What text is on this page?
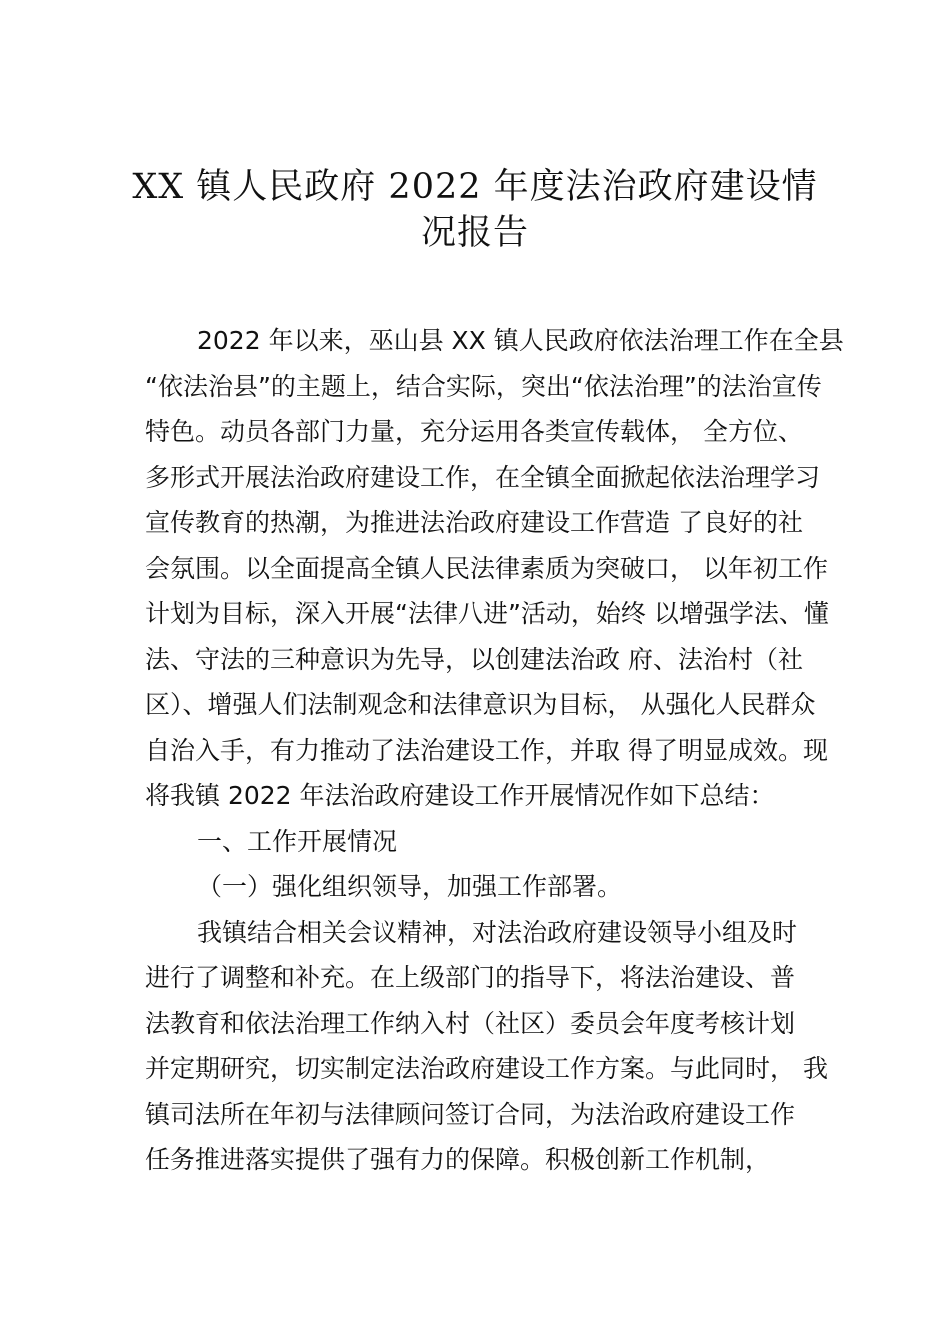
XX 镇人民政府 2022 年度法治政府建设情
况报告
2022 年以来，巫山县 XX 镇人民政府依法治理工作在全县
“依法治县”的主题上，结合实际，突出“依法治理”的法治宣传
特色。动员各部门力量，充分运用各类宣传载体， 全方位、
多形式开展法治政府建设工作，在全镇全面掀起依法治理学习
宣传教育的热潮，为推进法治政府建设工作营造 了良好的社
会氛围。以全面提高全镇人民法律素质为突破口， 以年初工作
计划为目标，深入开展“法律八进”活动，始终 以增强学法、懂
法、守法的三种意识为先导，以创建法治政 府、法治村（社
区）、增强人们法制观念和法律意识为目标， 从强化人民群众
自治入手，有力推动了法治建设工作，并取 得了明显成效。现
将我镇 2022 年法治政府建设工作开展情况作如下总结：
一、工作开展情况
（一）强化组织领导，加强工作部署。
我镇结合相关会议精神，对法治政府建设领导小组及时
进行了调整和补充。在上级部门的指导下，将法治建设、普
法教育和依法治理工作纳入村（社区）委员会年度考核计划
并定期研究，切实制定法治政府建设工作方案。与此同时， 我
镇司法所在年初与法律顾问签订合同，为法治政府建设工作
任务推进落实提供了强有力的保障。积极创新工作机制，
